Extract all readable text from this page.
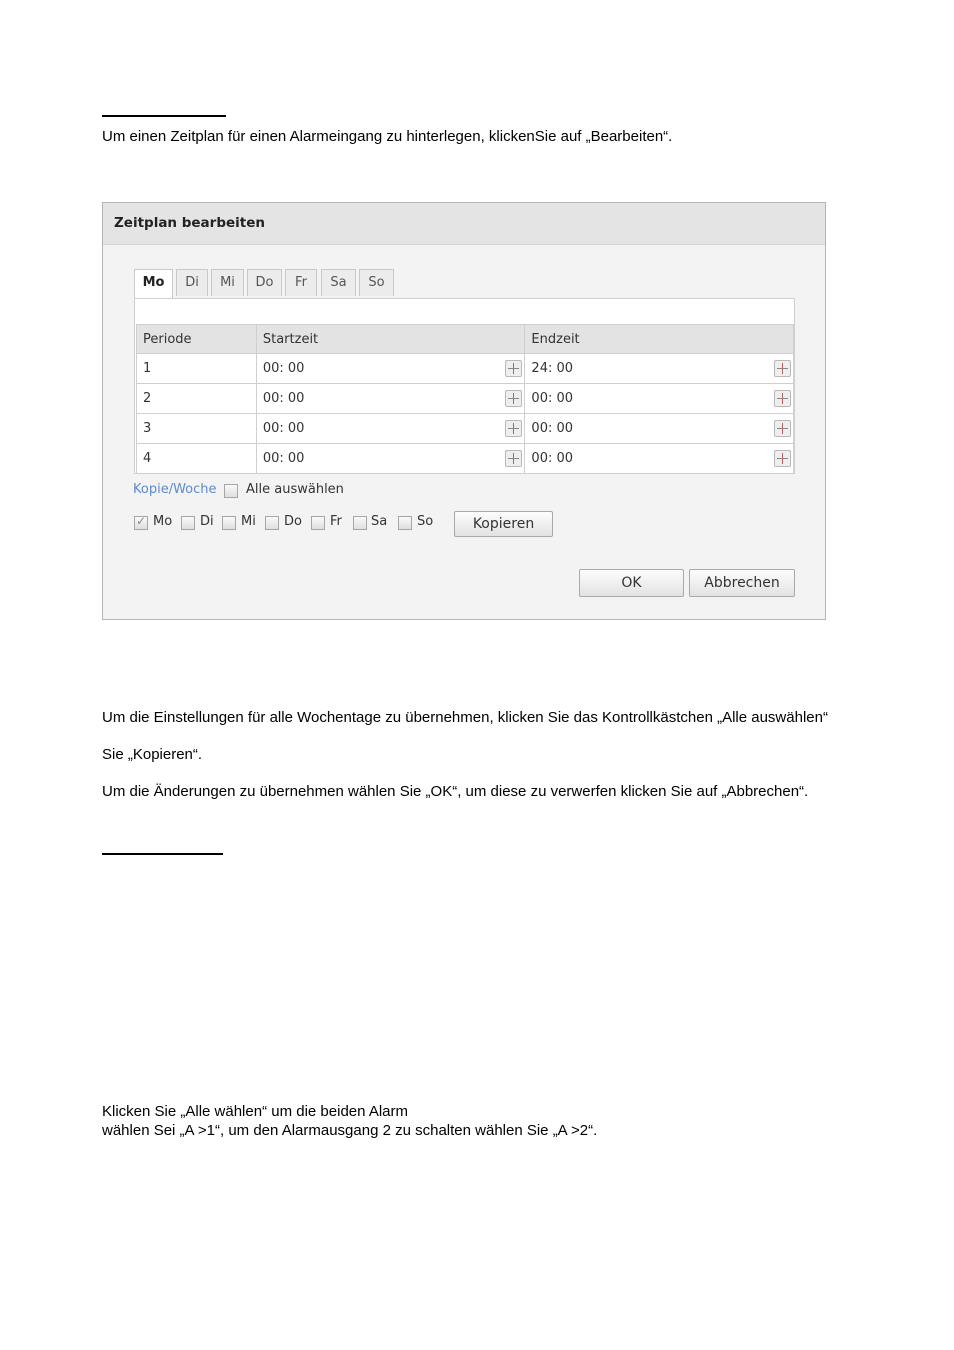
Um einen Zeitplan für einen Alarmeingang zu hinterlegen, klickenSie auf „Bearbeiten“.
Zeitplan bearbeiten
Mo	Di	Mi	Do	Fr	Sa	So
Periode	Startzeit	Endzeit
1	00: 00	24: 00

2	00: 00	00: 00

3	00: 00	00: 00

4	00: 00	00: 00
Kopie/Woche Alle auswählen
✓
Mo Di Mi Do Fr Sa So	Kopieren
OK	Abbrechen
Um die Einstellungen für alle Wochentage zu übernehmen, klicken Sie das Kontrollkästchen „Alle auswählen“
Sie „Kopieren“.
Um die Änderungen zu übernehmen wählen Sie „OK“, um diese zu verwerfen klicken Sie auf „Abbrechen“.
Klicken Sie „Alle wählen“ um die beiden Alarm
wählen Sei „A >1“, um den Alarmausgang 2 zu schalten wählen Sie „A >2“.
